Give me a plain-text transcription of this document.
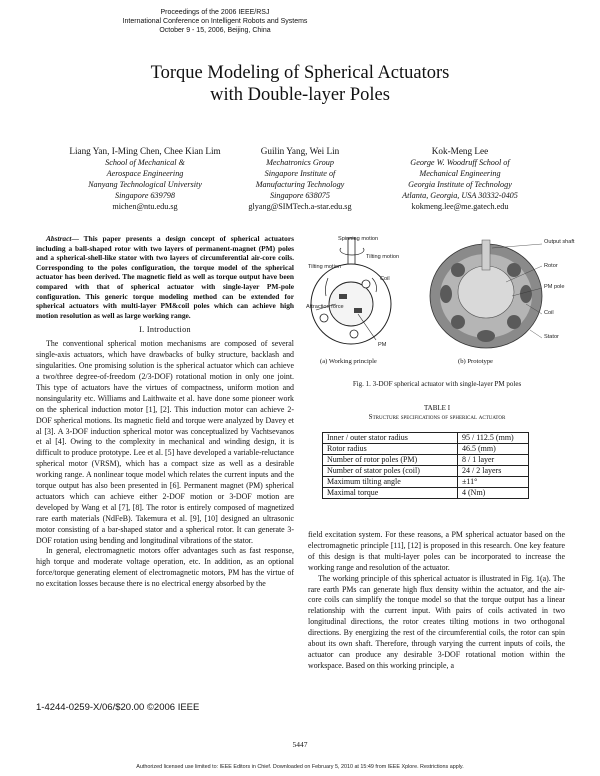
Proceedings of the 2006 IEEE/RSJ
International Conference on Intelligent Robots and Systems
October 9 - 15, 2006, Beijing, China
Torque Modeling of Spherical Actuators
with Double-layer Poles
Liang Yan, I-Ming Chen, Chee Kian Lim
School of Mechanical &
Aerospace Engineering
Nanyang Technological University
Singapore 639798
michen@ntu.edu.sg
Guilin Yang, Wei Lin
Mechatronics Group
Singapore Institute of
Manufacturing Technology
Singapore 638075
glyang@SIMTech.a-star.edu.sg
Kok-Meng Lee
George W. Woodruff School of
Mechanical Engineering
Georgia Institute of Technology
Atlanta, Georgia, USA 30332-0405
kokmeng.lee@me.gatech.edu

Abstract— This paper presents a design concept of spherical actuators including a ball-shaped rotor with two layers of permanent-magnet (PM) poles and a spherical-shell-like stator with two layers of circumferential air-core coils. Corresponding to the poles configuration, the torque model of the spherical actuator has been derived. The magnetic field as well as torque output have been compared with that of spherical actuator with single-layer PM-pole configuration. This generic torque modeling method can be extended for spherical actuators with multi-layer PM&coil poles which can achieve high motion resolution as well as large working range.

I. Introduction

The conventional spherical motion mechanisms are composed of several single-axis actuators, which have drawbacks of bulky structure, backlash and singularities. One promising solution is the spherical actuator which can achieve a two/three degree-of-freedom (2/3-DOF) rotational motion in only one joint. This type of actuators have the virtues of compactness, uniform motion and nonsingularity etc. Williams and Laithwaite et al. have done some pioneer work on the spherical induction motor [1], [2]. This induction motor can achieve 2-DOF spherical motions. Its magnetic field and torque were analyzed by Davey et al [3]. A 3-DOF induction spherical motor was conceptualized by Vachtsevanos et al [4]. Owing to the complexity in mechanical and winding design, it is difficult to produce prototype. Lee et al. [5] have developed a variable-reluctance spherical motor (VRSM), which has a compact size as well as a desirable working range. A nonlinear toque model which relates the current inputs and the torque output has also been presented in [6]. Permanent magnet (PM) spherical actuators which can achieve either 2-DOF motion or 3-DOF motion are developed by Wang et al [7], [8]. The rotor is entirely composed of magnetized rare earth materials (NdFeB). Takemura et al. [9], [10] designed an ultrasonic motor consisting of a bar-shaped stator and a spherical rotor. It can generate 3-DOF rotation using bending and longitudinal vibrations of the stator.

In general, electromagnetic motors offer advantages such as fast response, high torque and moderate voltage operation, etc. In addition, as an optional force/torque generating element of electromagnetic motors, PM has the virtue of no excitation losses because there is no electrical energy absorbed by the

Spinning motion
Tilting motion
Tilting motion
Coil
Attraction force
PM
Output shaft
Rotor
PM pole
Coil
Stator
(a) Working principle	(b) Prototype
Fig. 1. 3-DOF spherical actuator with single-layer PM poles
TABLE I
Structure specifications of spherical actuator
Inner / outer stator radius	95 / 112.5 (mm)
Rotor radius	46.5 (mm)
Number of rotor poles (PM)	8 / 1 layer
Number of stator poles (coil)	24 / 2 layers
Maximum tilting angle	±11°
Maximal torque	4 (Nm)

field excitation system. For these reasons, a PM spherical actuator based on the electromagnetic principle [11], [12] is proposed in this research. One key feature of this design is that multi-layer poles can be incorporated to increase the working range and resolution of the actuator.

The working principle of this spherical actuator is illustrated in Fig. 1(a). The rare earth PMs can generate high flux density within the actuator, and the air-core coils can simplify the tonque model so that the torque output has a linear relationship with the current input. With pairs of coils activated in two longitudinal directions, the rotor creates tilting motions in two orthogonal directions. By energizing the rest of the circumferential coils, the rotor can spin about its own shaft. Therefore, through varying the current inputs of coils, the actuator can produce any desirable 3-DOF rotational motion within the workspace. Based on this working principle, a

1-4244-0259-X/06/$20.00 ©2006 IEEE
5447
Authorized licensed use limited to: IEEE Editors in Chief. Downloaded on February 5, 2010 at 15:49 from IEEE Xplore. Restrictions apply.
